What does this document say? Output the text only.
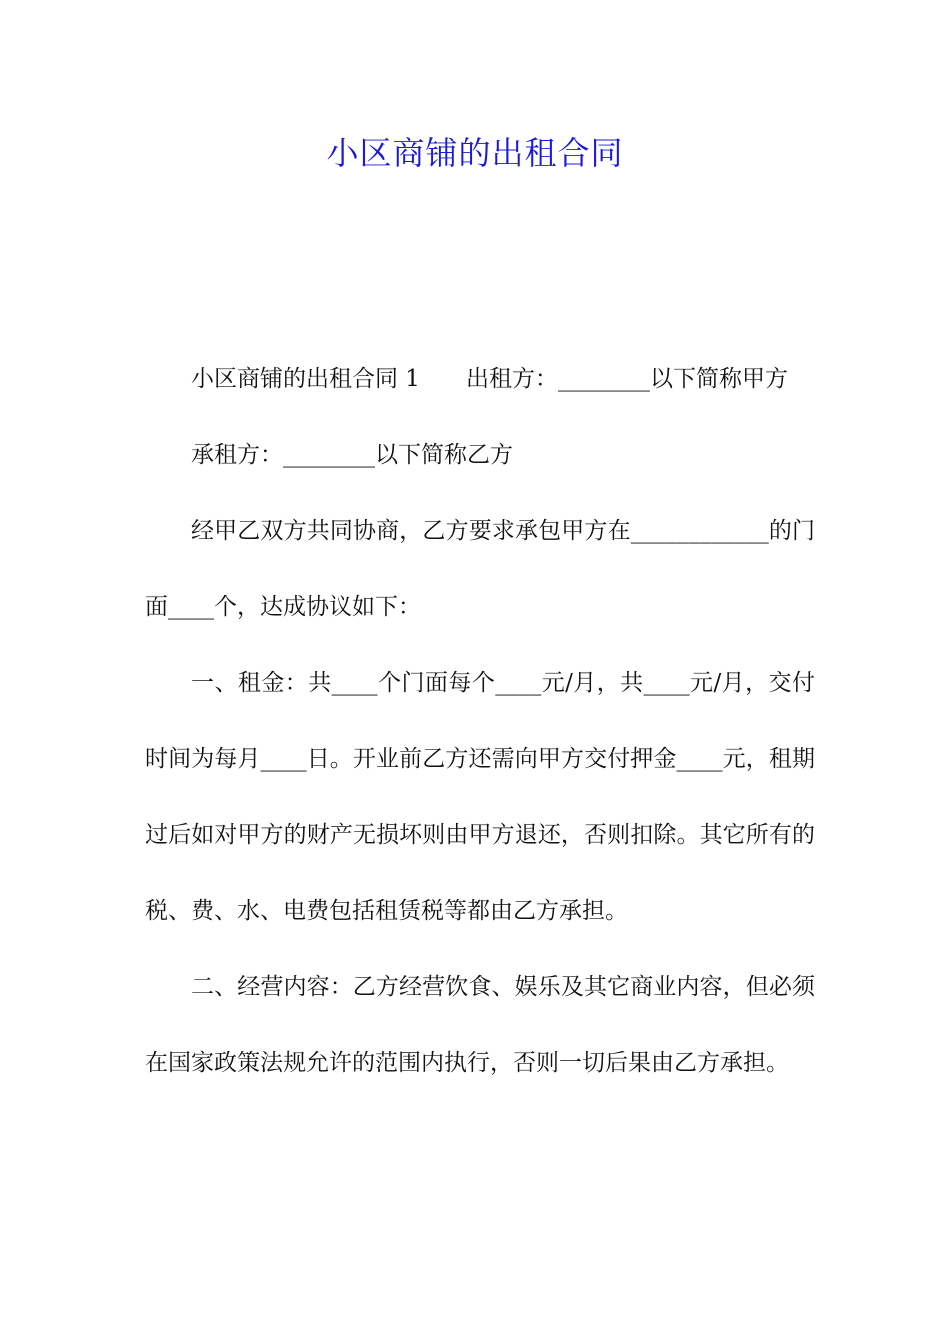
小区商铺的出租合同

小区商铺的出租合同 1　　出租方：________以下简称甲方

承租方：________以下简称乙方

经甲乙双方共同协商，乙方要求承包甲方在____________的门面____个，达成协议如下：

一、租金：共____个门面每个____元/月，共____元/月，交付时间为每月____日。开业前乙方还需向甲方交付押金____元，租期过后如对甲方的财产无损坏则由甲方退还，否则扣除。其它所有的税、费、水、电费包括租赁税等都由乙方承担。

二、经营内容：乙方经营饮食、娱乐及其它商业内容，但必须在国家政策法规允许的范围内执行，否则一切后果由乙方承担。
